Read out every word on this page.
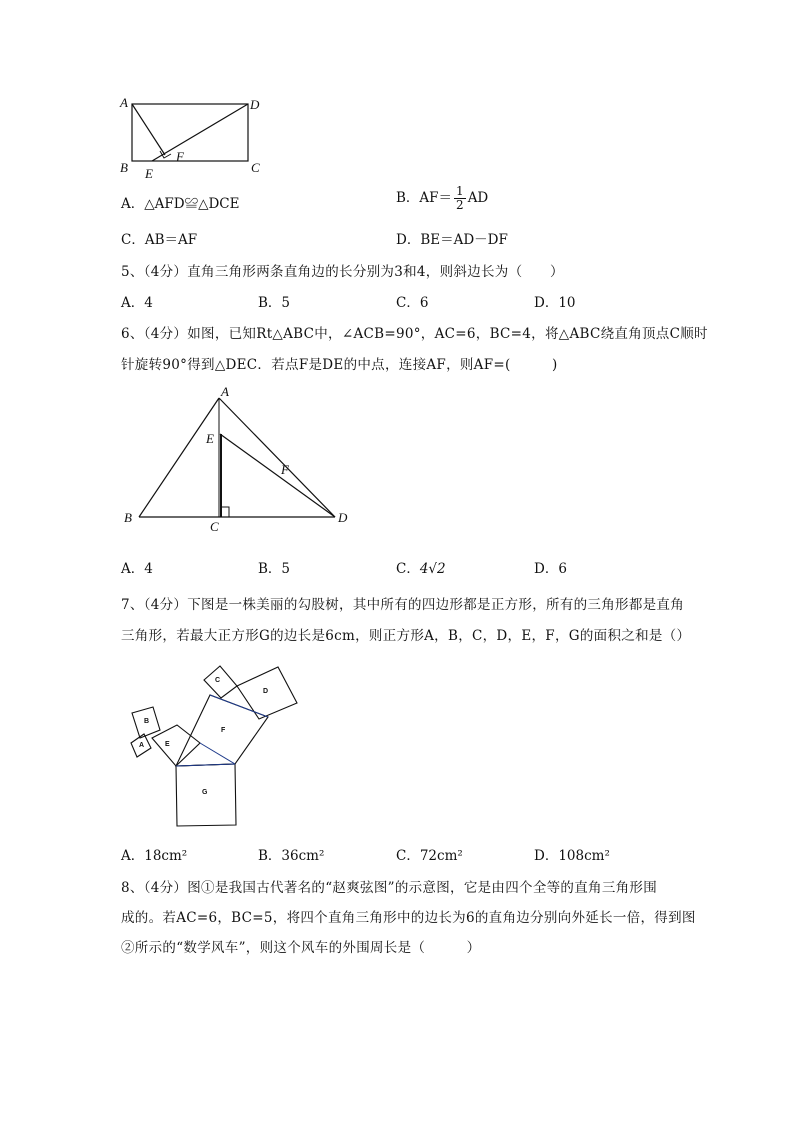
A	D
B	C
E
F
A．△AFD≌△DCE	B．$AF= \frac{1}{2}$ AD
C．AB＝AF	D．BE＝AD－DF
5、（4分）直角三角形两条直角边的长分别为3和4，则斜边长为（　　）
A．4	B．5	C．6	D．10
6、（4分）如图，已知Rt△ABC中，∠ACB=90°，AC=6，BC=4，将△ABC绕直角顶点C顺时
针旋转90°得到△DEC．若点F是DE的中点，连接AF，则AF=(　　　)
A
E
F
B
C
D
A．4	B．5	C．4√2	D．6
7、（4分）下图是一株美丽的勾股树，其中所有的四边形都是正方形，所有的三角形都是直角
三角形，若最大正方形G的边长是6cm，则正方形A，B，C，D，E，F，G的面积之和是（）
B
A	E
C
D
F
G
A．18cm²	B．36cm²	C．72cm²	D．108cm²
8、（4分）图①是我国古代著名的“赵爽弦图”的示意图，它是由四个全等的直角三角形围
成的。若AC=6，BC=5，将四个直角三角形中的边长为6的直角边分别向外延长一倍，得到图
②所示的“数学风车”，则这个风车的外围周长是（　　　）
